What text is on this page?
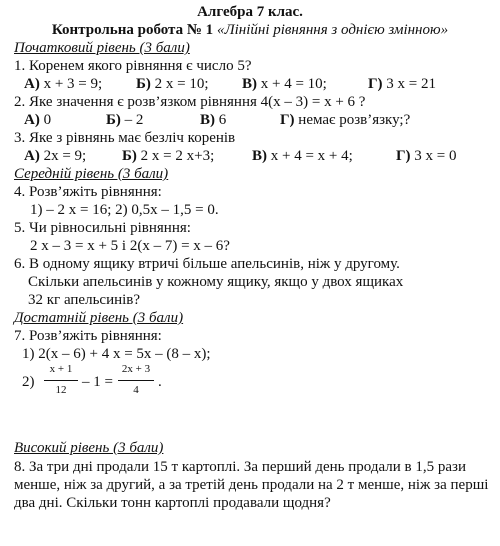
Алгебра 7 клас.
Контрольна робота № 1 «Лінійні рівняння з однією змінною»
Початковий рівень (3 бали)
1. Коренем якого рівняння є число 5?
А) x + 3 = 9; Б) 2 x = 10; В) x + 4 = 10;	Г) 3 x = 21
2. Яке значення є розв’язком рівняння 4(x – 3) = x + 6 ?
А) 0	Б) – 2	В) 6	Г) немає розв’язку;?
3. Яке з рівнянь має безліч коренів
А) 2x = 9; Б) 2 x = 2 x+3;	В) x + 4 = x + 4;	Г) 3 x = 0
Середній рівень (3 бали)
4. Розв’яжіть рівняння:
1) – 2 x = 16; 2) 0,5x – 1,5 = 0.
5. Чи рівносильні рівняння:
2 x – 3 = x + 5 і 2(x – 7) = x – 6?
6. В одному ящику втричі більше апельсинів, ніж у другому.
Скільки апельсинів у кожному ящику, якщо у двох ящиках
32 кг апельсинів?
Достатній рівень (3 бали)
7. Розв’яжіть рівняння:
1) 2(x – 6) + 4 x = 5x – (8 – x);
2)
x + 1
12	– 1 =
2x + 3
4	.
Високий рівень (3 бали)
8. За три дні продали 15 т картоплі. За перший день продали в 1,5 рази менше, ніж за другий, а за третій день продали на 2 т менше, ніж за перші два дні. Скільки тонн картоплі продавали щодня?
